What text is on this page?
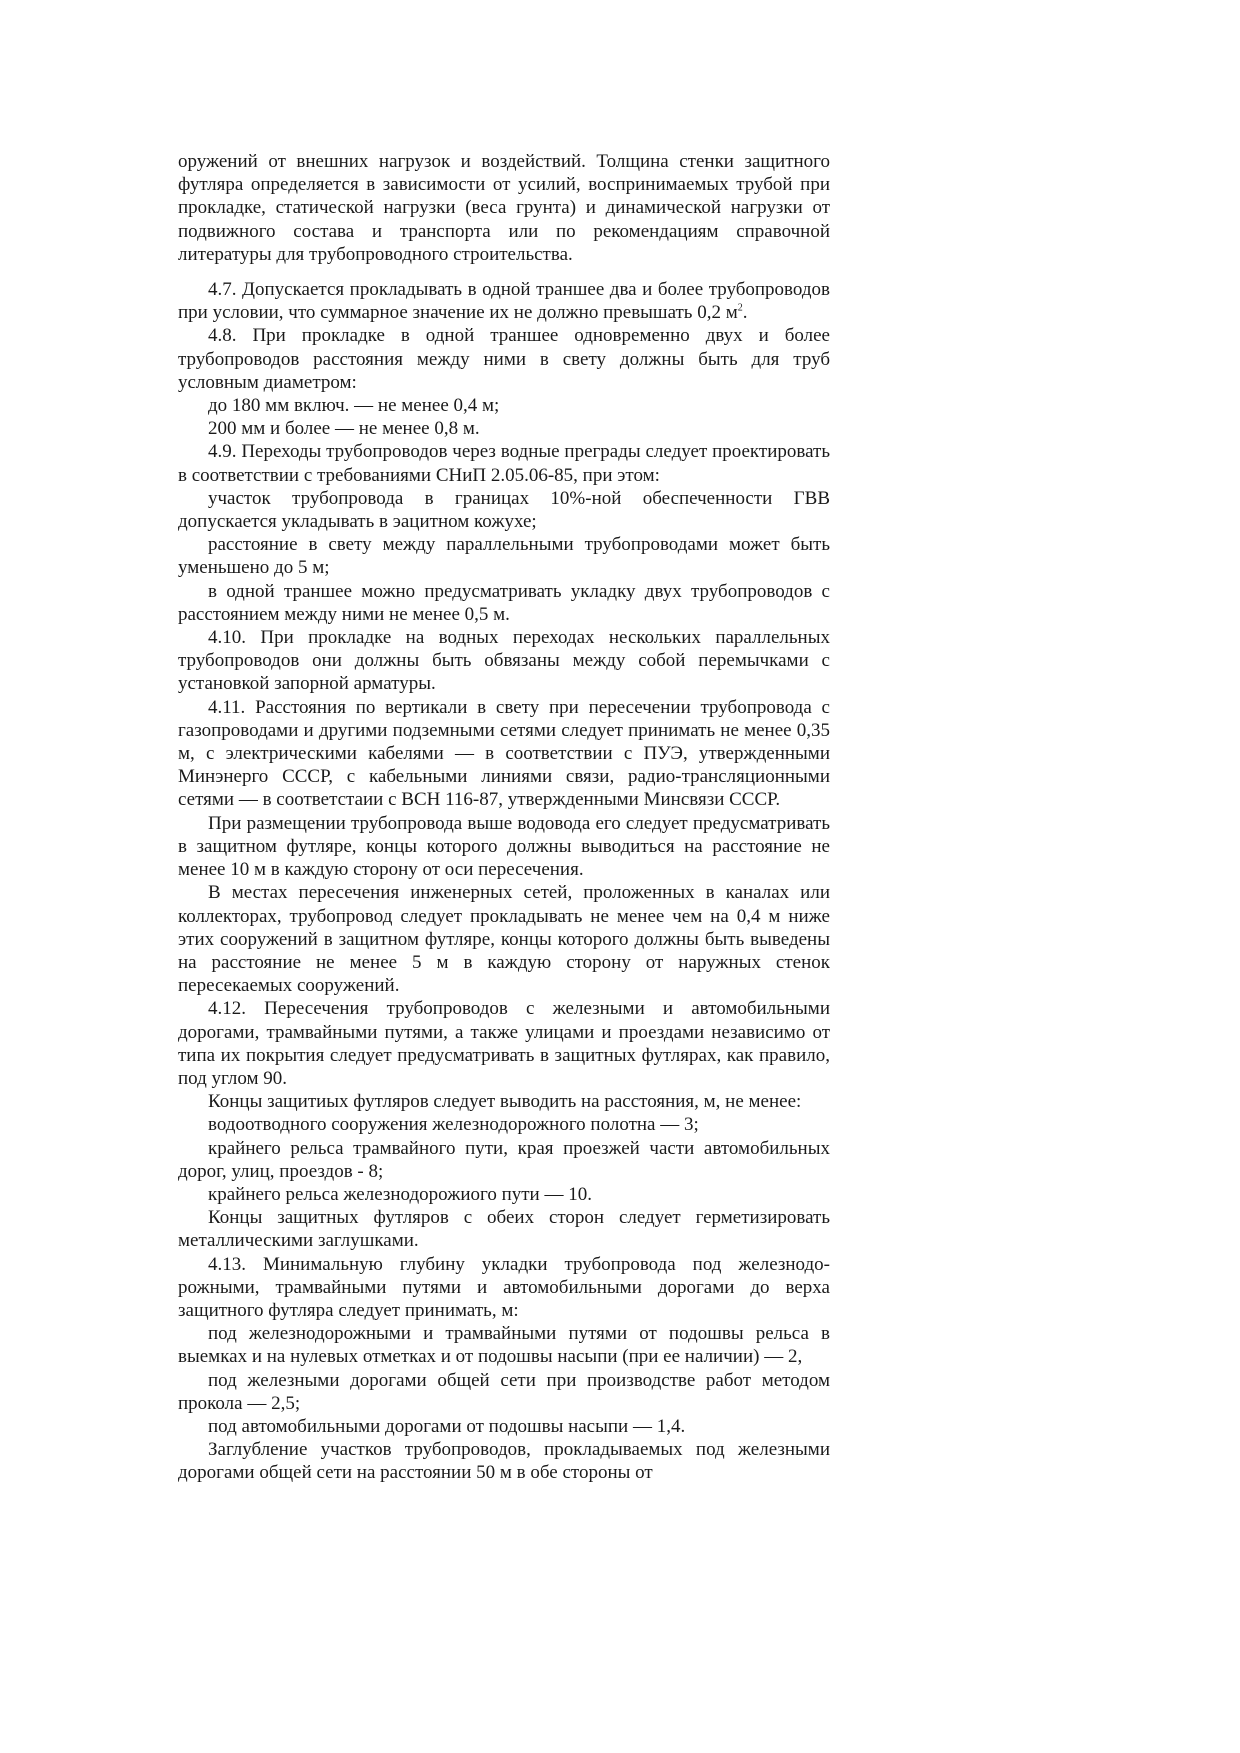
оружений от внешних нагрузок и воздействий. Толщина стенки защитного футляра определяется в зависимости от усилий, воспринимаемых трубой при прокладке, статической нагрузки (веса грунта) и динамической нагрузки от подвижного состава и транспорта или по рекомендациям справочной литературы для трубопроводного строительства.

4.7. Допускается прокладывать в одной траншее два и более трубопроводов при условии, что суммарное значение их не должно превышать 0,2 $м^2$.

4.8. При прокладке в одной траншее одновременно двух и более трубопроводов расстояния между ними в свету должны быть для труб условным диаметром:

до 180 мм включ. — не менее 0,4 м;

200 мм и более — не менее 0,8 м.

4.9. Переходы трубопроводов через водные преграды следует проектировать в соответствии с требованиями СНиП 2.05.06-85, при этом:

участок трубопровода в границах 10%-ной обеспеченности ГВВ допускается укладывать в эацитном кожухе;

расстояние в свету между параллельными трубопроводами может быть уменьшено до 5 м;

в одной траншее можно предусматривать укладку двух трубопроводов с расстоянием между ними не менее 0,5 м.

4.10. При прокладке на водных переходах нескольких параллельных трубопроводов они должны быть обвязаны между собой перемычками с установкой запорной арматуры.

4.11. Расстояния по вертикали в свету при пересечении трубопровода с газопроводами и другими подземными сетями следует принимать не менее 0,35 м, с электрическими кабелями — в соответствии с ПУЭ, утвержденными Минэнерго СССР, с кабельными линиями связи, радио-трансляционными сетями — в соответстаии с ВСН 116-87, утвержденными Минсвязи СССР.

При размещении трубопровода выше водовода его следует предусматривать в защитном футляре, концы которого должны выводиться на расстояние не менее 10 м в каждую сторону от оси пересечения.

В местах пересечения инженерных сетей, проложенных в каналах или коллекторах, трубопровод следует прокладывать не менее чем на 0,4 м ниже этих сооружений в защитном футляре, концы которого должны быть выведены на расстояние не менее 5 м в каждую сторону от наружных стенок пересекаемых сооружений.

4.12. Пересечения трубопроводов с железными и автомобильными дорогами, трамвайными путями, а также улицами и проездами независимо от типа их покрытия следует предусматривать в защитных футлярах, как правило, под углом 90.

Концы защитиых футляров следует выводить на расстояния, м, не менее:

водоотводного сооружения железнодорожного полотна — 3;

крайнего рельса трамвайного пути, края проезжей части автомобильных дорог, улиц, проездов - 8;

крайнего рельса железнодорожиого пути — 10.

Концы защитных футляров с обеих сторон следует герметизировать металлическими заглушками.

4.13. Минимальную глубину укладки трубопровода под железнодо-рожными, трамвайными путями и автомобильными дорогами до верха защитного футляра следует принимать, м:

под железнодорожными и трамвайными путями от подошвы рельса в выемках и на нулевых отметках и от подошвы насыпи (при ее наличии) — 2,

под железными дорогами общей сети при производстве работ методом прокола — 2,5;

под автомобильными дорогами от подошвы насыпи — 1,4.

Заглубление участков трубопроводов, прокладываемых под железными дорогами общей сети на расстоянии 50 м в обе стороны от
